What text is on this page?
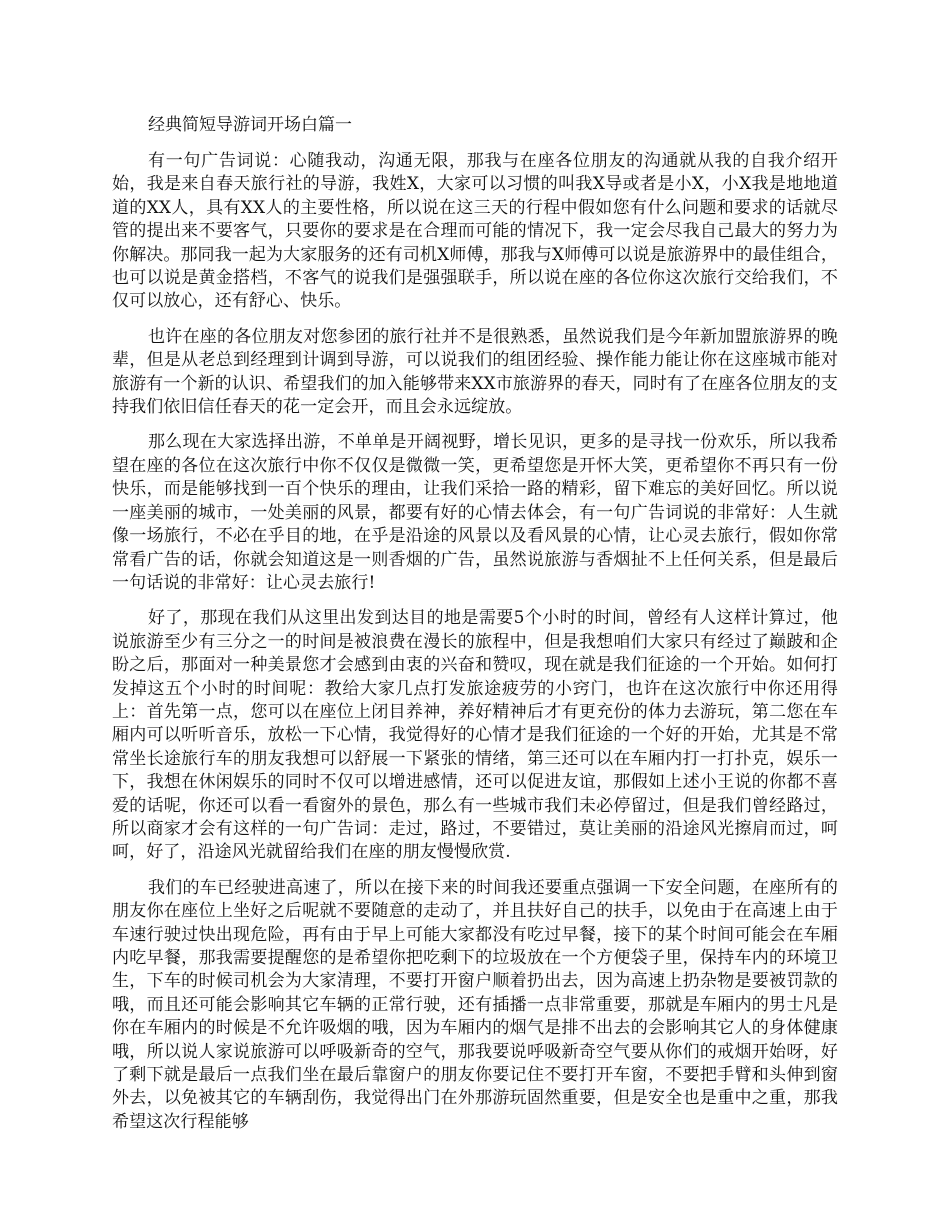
经典简短导游词开场白篇一

有一句广告词说：心随我动，沟通无限，那我与在座各位朋友的沟通就从我的自我介绍开始，我是来自春天旅行社的导游，我姓X，大家可以习惯的叫我X导或者是小X，小X我是地地道道的XX人，具有XX人的主要性格，所以说在这三天的行程中假如您有什么问题和要求的话就尽管的提出来不要客气，只要你的要求是在合理而可能的情况下，我一定会尽我自己最大的努力为你解决。那同我一起为大家服务的还有司机X师傅，那我与X师傅可以说是旅游界中的最佳组合，也可以说是黄金搭档，不客气的说我们是强强联手，所以说在座的各位你这次旅行交给我们，不仅可以放心，还有舒心、快乐。

也许在座的各位朋友对您参团的旅行社并不是很熟悉，虽然说我们是今年新加盟旅游界的晚辈，但是从老总到经理到计调到导游，可以说我们的组团经验、操作能力能让你在这座城市能对旅游有一个新的认识、希望我们的加入能够带来XX市旅游界的春天，同时有了在座各位朋友的支持我们依旧信任春天的花一定会开，而且会永远绽放。

那么现在大家选择出游，不单单是开阔视野，增长见识，更多的是寻找一份欢乐，所以我希望在座的各位在这次旅行中你不仅仅是微微一笑，更希望您是开怀大笑，更希望你不再只有一份快乐，而是能够找到一百个快乐的理由，让我们采拾一路的精彩，留下难忘的美好回忆。所以说一座美丽的城市，一处美丽的风景，都要有好的心情去体会，有一句广告词说的非常好：人生就像一场旅行，不必在乎目的地，在乎是沿途的风景以及看风景的心情，让心灵去旅行，假如你常常看广告的话，你就会知道这是一则香烟的广告，虽然说旅游与香烟扯不上任何关系，但是最后一句话说的非常好：让心灵去旅行!

好了，那现在我们从这里出发到达目的地是需要5个小时的时间，曾经有人这样计算过，他说旅游至少有三分之一的时间是被浪费在漫长的旅程中，但是我想咱们大家只有经过了巅跛和企盼之后，那面对一种美景您才会感到由衷的兴奋和赞叹，现在就是我们征途的一个开始。如何打发掉这五个小时的时间呢：教给大家几点打发旅途疲劳的小窍门，也许在这次旅行中你还用得上：首先第一点，您可以在座位上闭目养神，养好精神后才有更充份的体力去游玩，第二您在车厢内可以听听音乐，放松一下心情，我觉得好的心情才是我们征途的一个好的开始，尤其是不常常坐长途旅行车的朋友我想可以舒展一下紧张的情绪，第三还可以在车厢内打一打扑克，娱乐一下，我想在休闲娱乐的同时不仅可以增进感情，还可以促进友谊，那假如上述小王说的你都不喜爱的话呢，你还可以看一看窗外的景色，那么有一些城市我们未必停留过，但是我们曾经路过，所以商家才会有这样的一句广告词：走过，路过，不要错过，莫让美丽的沿途风光擦肩而过，呵呵，好了，沿途风光就留给我们在座的朋友慢慢欣赏.

我们的车已经驶进高速了，所以在接下来的时间我还要重点强调一下安全问题，在座所有的朋友你在座位上坐好之后呢就不要随意的走动了，并且扶好自己的扶手，以免由于在高速上由于车速行驶过快出现危险，再有由于早上可能大家都没有吃过早餐，接下的某个时间可能会在车厢内吃早餐，那我需要提醒您的是希望你把吃剩下的垃圾放在一个方便袋子里，保持车内的环境卫生，下车的时候司机会为大家清理，不要打开窗户顺着扔出去，因为高速上扔杂物是要被罚款的哦，而且还可能会影响其它车辆的正常行驶，还有插播一点非常重要，那就是车厢内的男士凡是你在车厢内的时候是不允许吸烟的哦，因为车厢内的烟气是排不出去的会影响其它人的身体健康哦，所以说人家说旅游可以呼吸新奇的空气，那我要说呼吸新奇空气要从你们的戒烟开始呀，好了剩下就是最后一点我们坐在最后靠窗户的朋友你要记住不要打开车窗，不要把手臂和头伸到窗外去，以免被其它的车辆刮伤，我觉得出门在外那游玩固然重要，但是安全也是重中之重，那我希望这次行程能够
